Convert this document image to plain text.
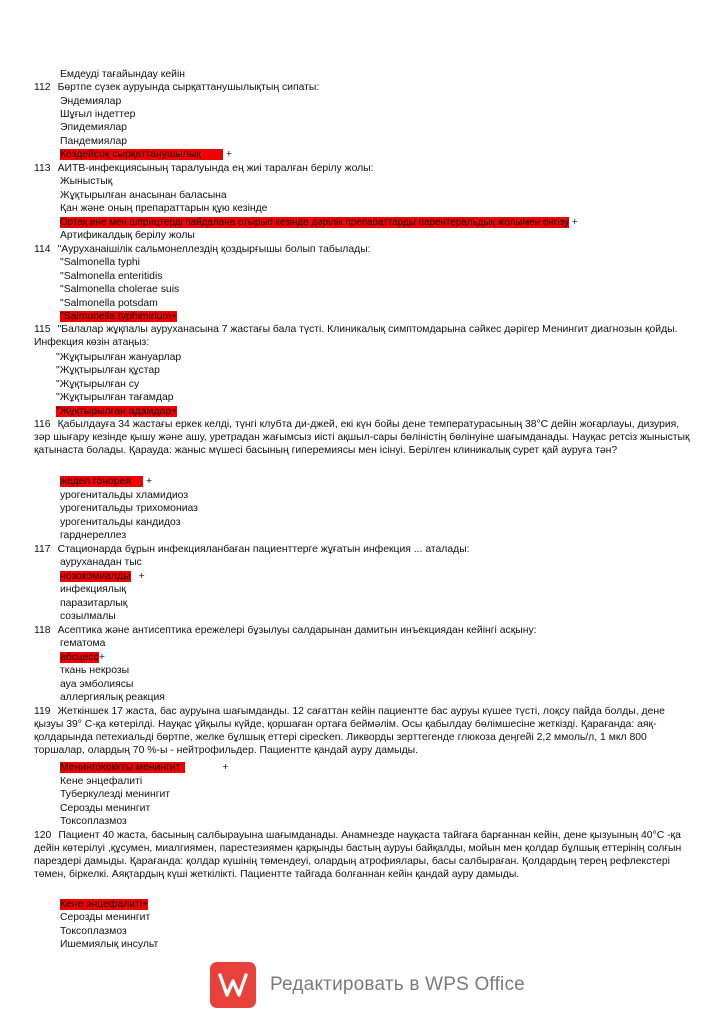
Емдеуді тағайындау кейін
112 Бөртпе сүзек ауруында сырқаттанушылықтың сипаты:
Эндемиялар
Шұғыл індеттер
Эпидемиялар
Пандемиялар
Кездейсоқ сырқаттанушылық +
113 АИТВ-инфекциясының таралуында ең жиі таралған берілу жолы:
Жыныстық
Жұқтырылған анасынан баласына
Қан және оның препараттарын құю кезінде
Ортақ ине мен шприцтерді пайдалана отырып кезінде дәрілік препараттарды парентеральдық жолымен енгізу +
Артификалдық берілу жолы
114 "Ауруханаішілік сальмонеллездің қоздырғышы болып табылады:
"Salmonella typhi
"Salmonella enteritidis
"Salmonella cholerae suis
"Salmonella potsdam
"Salmonella typhimirium+
115 "Балалар жұқпалы ауруханасына 7 жастағы бала түсті. Клиникалық симптомдарына сәйкес дәрігер Менингит диагнозын қойды. Инфекция көзін атаңыз:
"Жұқтырылған жануарлар
"Жұқтырылған құстар
"Жұқтырылған су
"Жұқтырылған тағамдар
"Жұқтырылған адамдар+
116 Қабылдауға 34 жастағы еркек келді, түнгі клубта ди-джей, екі күн бойы дене температурасының 38°С дейін жоғарлауы, дизурия, зәр шығару кезінде қышу және ашу, уретрадан жағымсыз иісті ақшыл-сары бөліністің бөлінуіне шағымданады. Науқас ретсіз жыныстық қатынаста болады. Қарауда: жаныс мүшесі басының гиперемиясы мен ісінуі. Берілген клиникалық сурет қай ауруға тән?
жедел гонорея +
урогенитальды хламидиоз
урогенитальды трихомониаз
урогенитальды кандидоз
гарднереллез
117 Стационарда бұрын инфекцияланбаған пациенттерге жұғатын инфекция ... аталады:
ауруханадан тыс
нозокомиалды +
инфекциялық
паразитарлық
созылмалы
118 Асептика және антисептика ережелері бұзылуы салдарынан дамитын инъекциядан кейінгі асқыну:
гематома
абсцесс+
ткань некрозы
ауа эмболиясы
аллергиялық реакция
119 Жеткіншек 17 жаста, бас ауруына шағымданды. 12 сағаттан кейін пациентте бас ауруы күшее түсті, лоқсу пайда болды, дене қызуы 39° С-қа көтерілді. Науқас ұйқылы күйде, қоршаған ортаға беймәлім. Осы қабылдау бөлімшесіне жеткізді. Қарағанда: аяқ- қолдарында петехиальді бөртпе, желке бұлшық еттері сіресken. Ликворды зерттегенде глюкоза деңгейі 2,2 ммоль/л, 1 мкл 800 торшалар, олардың 70 %-ы - нейтрофильдер. Пациентте қандай ауру дамыды.
Менингококкты менингит	+
Кене энцефалиті
Туберкулезді менингит
Серозды менингит
Токсоплазмоз
120 Пациент 40 жаста, басының салбырауына шағымданады. Анамнезде науқаста тайгаға барғаннан кейін, дене қызуының 40°С -қа дейін көтерілуі ,құсумен, миалгиямен, парестезиямен қарқынды бастың ауруы байқалды, мойын мен қолдар бұлшық еттерінің солғын парездері дамыды. Қарағанда: қолдар күшінің төмендеуі, олардың атрофиялары, басы салбыраған. Қолдардың терең рефлекстері төмен, біркелкі. Аяқтардың күші жеткілікті. Пациентте тайгада болғаннан кейін қандай ауру дамыды.
Кене энцефалиті+
Серозды менингит
Токсоплазмоз
Ишемиялық инсульт
Редактировать в WPS Office
